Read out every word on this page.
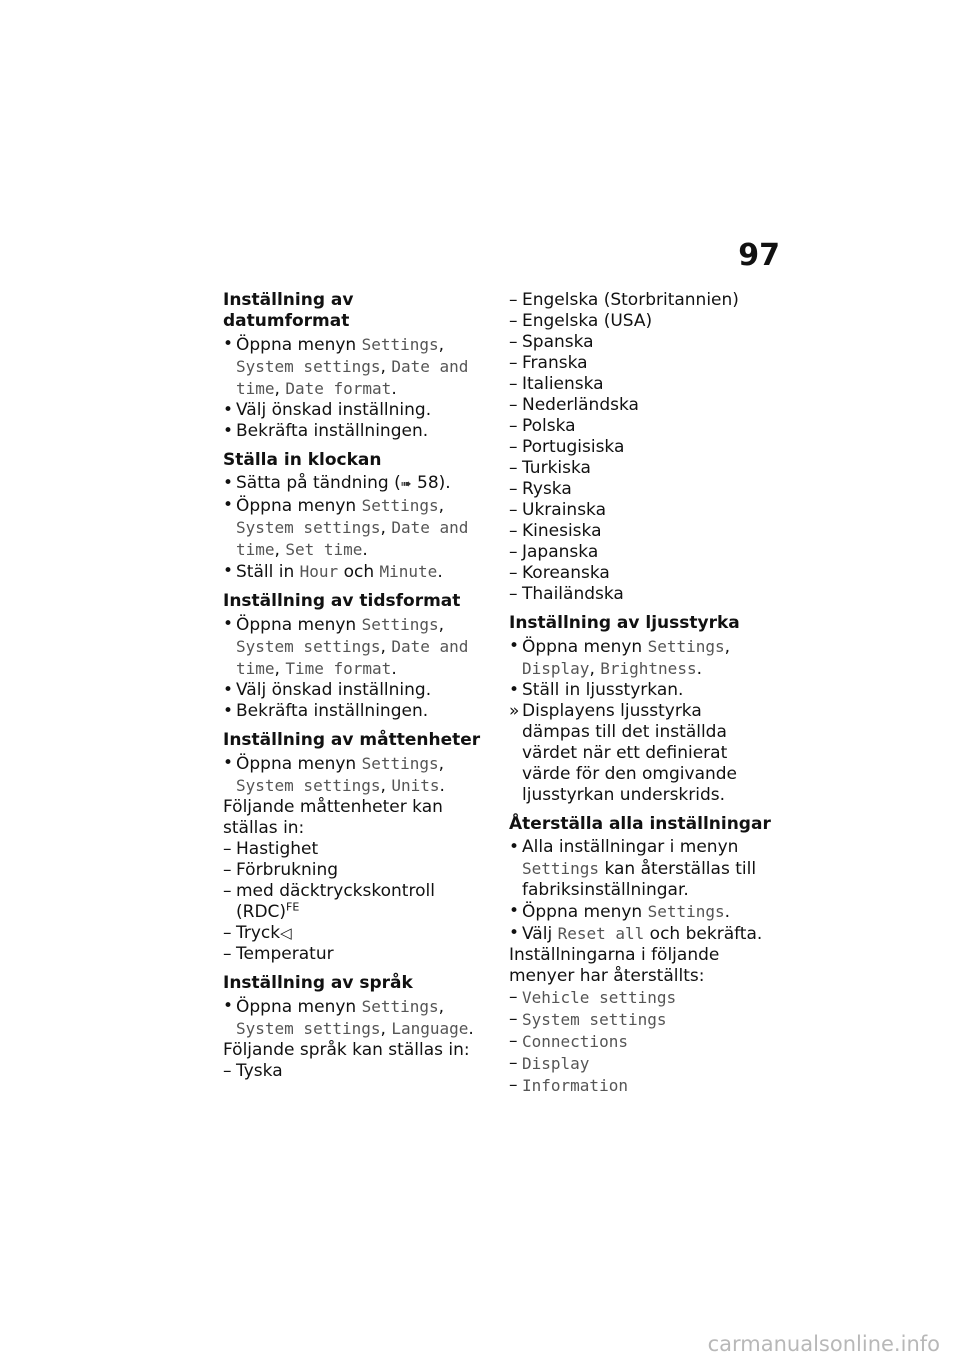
97
Inställning av datumformat
• Öppna menyn Settings,
System settings, Date and time, Date format.
• Välj önskad inställning.
• Bekräfta inställningen.
Ställa in klockan
• Sätta på tändning (➠ 58).
• Öppna menyn Settings,
System settings, Date and time, Set time.
• Ställ in Hour och Minute.
Inställning av tidsformat
• Öppna menyn Settings,
System settings, Date and time, Time format.
• Välj önskad inställning.
• Bekräfta inställningen.
Inställning av måttenheter
• Öppna menyn Settings,
System settings, Units.
Följande måttenheter kan ställas in:
– Hastighet
– Förbrukning
– med däcktryckskontroll (RDC)$^{FE}$
– Tryck◁
– Temperatur
Inställning av språk
• Öppna menyn Settings,
System settings, Language.
Följande språk kan ställas in:
– Tyska
– Engelska (Storbritannien)
– Engelska (USA)
– Spanska
– Franska
– Italienska
– Nederländska
– Polska
– Portugisiska
– Turkiska
– Ryska
– Ukrainska
– Kinesiska
– Japanska
– Koreanska
– Thailändska
Inställning av ljusstyrka
• Öppna menyn Settings,
Display, Brightness.
• Ställ in ljusstyrkan.
» Displayens ljusstyrka dämpas till det inställda värdet när ett definierat värde för den omgivande ljusstyrkan underskrids.
Återställa alla inställningar
• Alla inställningar i menyn Settings kan återställas till fabriksinställningar.
• Öppna menyn Settings.
• Välj Reset all och bekräfta.
Inställningarna i följande menyer har återställts:
– Vehicle settings
– System settings
– Connections
– Display
– Information
carmanualsonline.info
